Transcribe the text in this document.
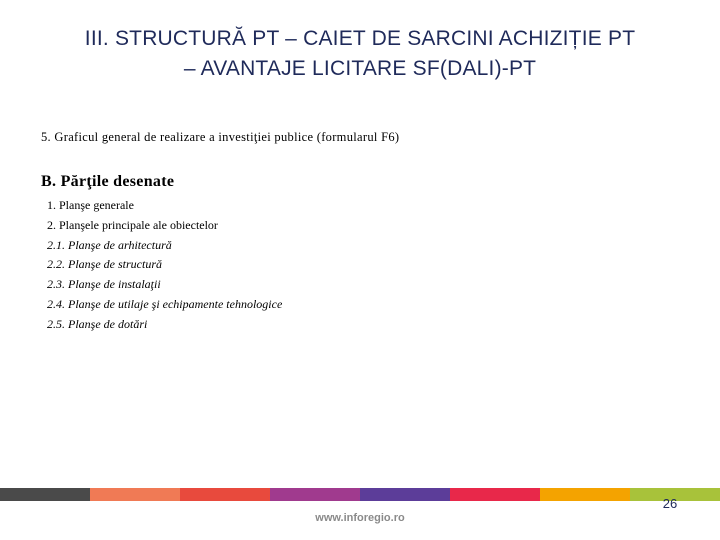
III. STRUCTURĂ PT – CAIET DE SARCINI ACHIZIȚIE PT
– AVANTAJE LICITARE SF(DALI)-PT
5. Graficul general de realizare a investiţiei publice (formularul F6)
B. Părţile desenate
1. Planşe generale
2. Planşele principale ale obiectelor
2.1. Planşe de arhitectură
2.2. Planşe de structură
2.3. Planşe de instalaţii
2.4. Planşe de utilaje şi echipamente tehnologice
2.5. Planşe de dotări
26
www.inforegio.ro
